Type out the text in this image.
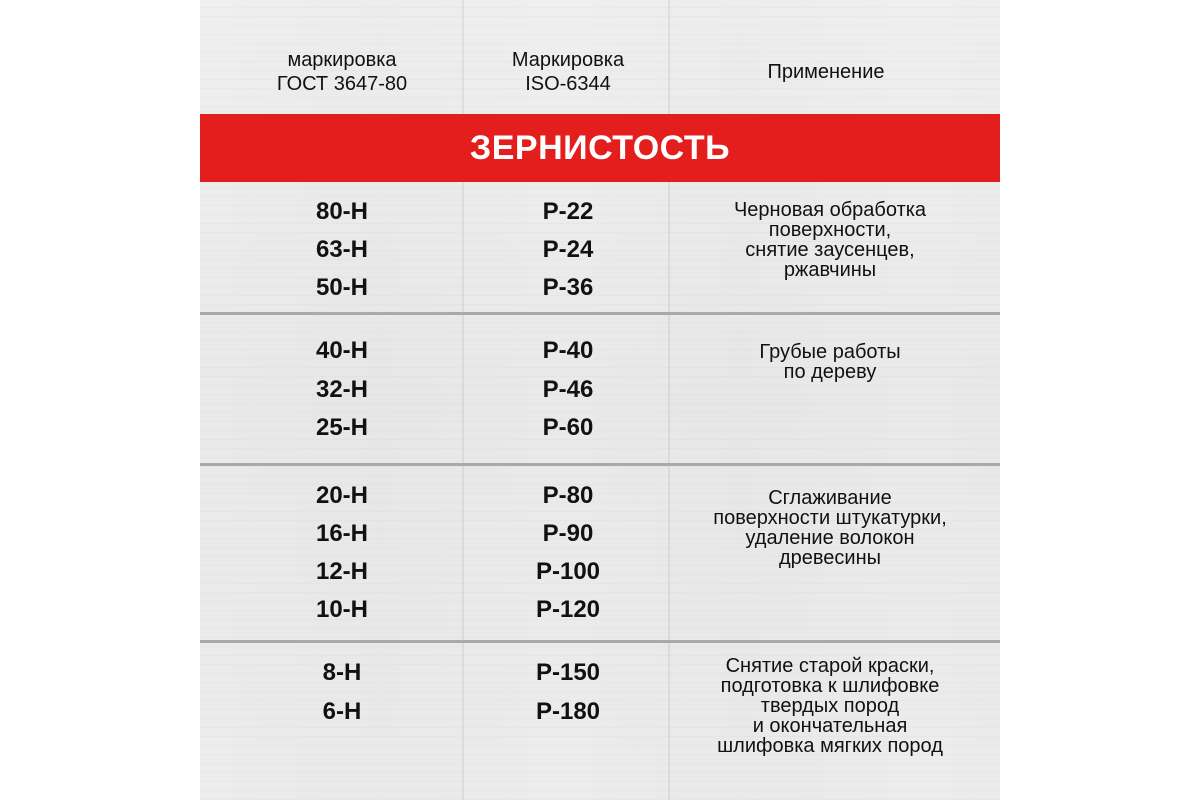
маркировка
ГОСТ 3647-80
Маркировка
ISO-6344
Применение
ЗЕРНИСТОСТЬ
80-Н
63-Н
50-Н
Р-22
Р-24
Р-36
Черновая обработка
поверхности,
снятие заусенцев,
ржавчины
40-Н
32-Н
25-Н
Р-40
Р-46
Р-60
Грубые работы
по дереву
20-Н
16-Н
12-Н
10-Н
Р-80
Р-90
Р-100
Р-120
Сглаживание
поверхности штукатурки,
удаление волокон
древесины
8-Н
6-Н
Р-150
Р-180
Снятие старой краски,
подготовка к шлифовке
твердых пород
и окончательная
шлифовка мягких пород
